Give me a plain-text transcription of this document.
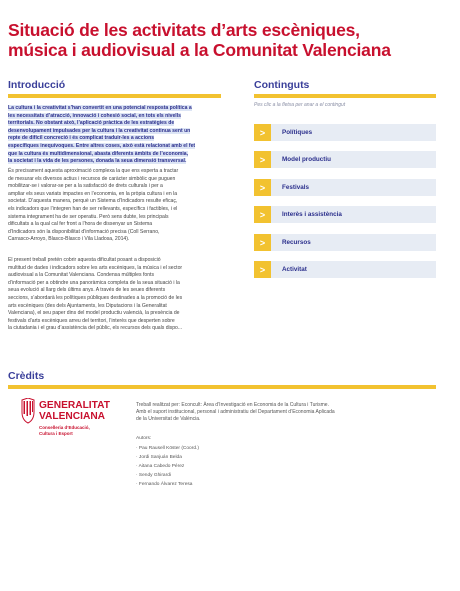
Situació de les activitats d’arts escèniques,
música i audiovisual a la Comunitat Valenciana
Introducció
La cultura i la creativitat s’han convertit en una potencial resposta política a
les necessitats d’atracció, innovació i cohesió social, en tots els nivells
territorials. No obstant això, l’aplicació pràctica de les estratègies de
desenvolupament impulsades per la cultura i la creativitat continua sent un
repte de difícil concreció i és complicat traduir-les a accions
específiques inequívoques. Entre altres coses, això està relacionat amb el fet
que la cultura és multidimensional, abasta diferents àmbits de l’economia,
la societat i la vida de les persones, donada la seua dimensió transversal.
És precisament aquesta aproximació complexa la que ens esperta a tractar
de mesurar els diversos actius i recursos de caràcter simbòlic que puguen
mobilitzar-se i valorar-se per a la satisfacció de drets culturals i per a
ampliar els seus variats impactes en l’economia, en la pròpia cultura i en la
societat. D’aquesta manera, perquè un Sistema d’Indicadors resulte eficaç,
els indicadors que l’integren han de ser rellevants, específics i factibles, i el
sistema integrament ha de ser operatiu. Però sens dubte, les principals
dificultats a la qual cal fer front a l’hora de dissenyar un Sistema
d’Indicadors són la disponibilitat d’informació precisa (Coll Serrano,
Carrasco-Arroyo, Blasco-Blasco i Vila Lladosa, 2014).
El present treball pretén cobrir aquesta dificultat posant a disposició
multitud de dades i indicadors sobre les arts escèniques, la música i el sector
audiovisual a la Comunitat Valenciana. Condensa múltiples fonts
d’informació per a obtindre una panoràmica completa de la seua situació i la
seua evolució al llarg dels últims anys. A través de les seues diferents
seccions, s’abordarà les polítiques públiques destinades a la promoció de les
arts escèniques (des dels Ajuntaments, les Diputacions i la Generalitat
Valenciana), el seu paper dins del model productiu valencià, la presència de
festivals d’arts escèniques arreu del territori, l’interès que desperten sobre
la ciutadania i el grau d’assistència del públic, els recursos dels quals dispo...
Continguts
Pes clic a la fletxa per anar a el contingut
>	Polítiques
>	Model productiu
>	Festivals
>	Interès i assistència
>	Recursos
>	Activitat
Crèdits
GENERALITAT
VALENCIANA
Conselleria d’Educació,
Cultura i Esport
Treball realitzat per: Econcult: Àrea d’Investigació en Economia de la Cultura i Turisme.
Amb el suport institucional, personal i administratiu del Departament d’Economia Aplicada
de la Universitat de València.
Autors:
· Pau Rausell Köster (Coord.)
· Jordi Sanjuán Belda
· Aitana Cabedo Pérez
· Sendy Ghirardi
· Fernando Álvarez Teresa
